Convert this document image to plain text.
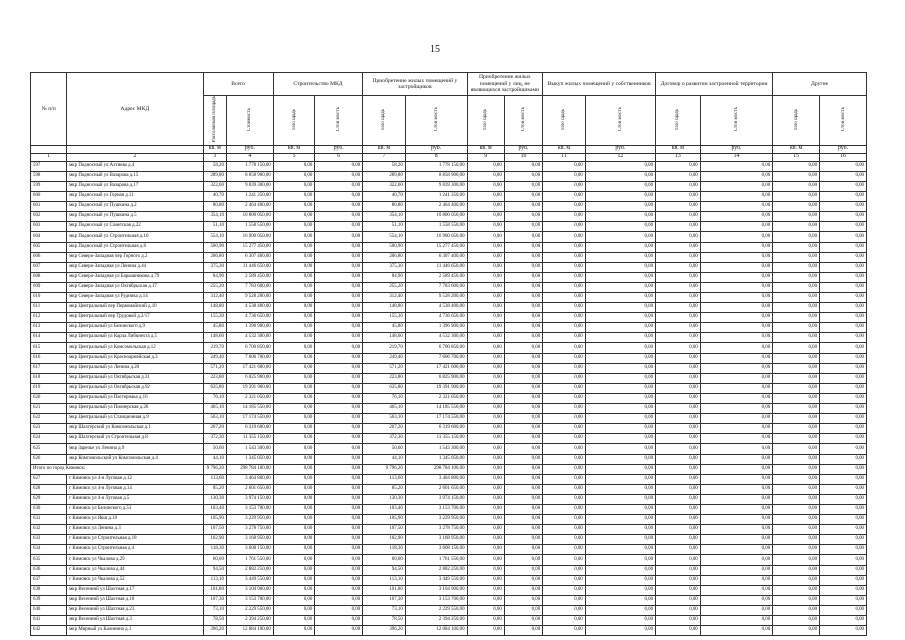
15
№ п/п	Адрес МКД	Всего		Строительство МКД		Приобретение жилых помещений у застройщиков		Приобретение жилых помещений у лиц, не являющихся застройщиками		Выкуп жилых помещений у собственников		Договор о развитии застроенной территории		Другие	
		Расселяемая площадь	Стоимость	Пло щадь	Стои мость	Пло щадь	Стои мость	Пло щадь	Стои мость	Пло щадь	Стои мость	Пло щадь	Стои мость	Пло щадь	Стои мость
		кв. м	руб.	кв. м	руб.	кв. м	руб.	кв. м	руб.	кв. м	руб.	кв. м	руб.	кв. м	руб.
1	2	3	4	5	6	7	8	9	10	11	12	13	14	15	16
597	мкр Подносный ул Ахтиева д.4	58,20	1 778 150,00	0,00	0,00	58,20	1 778 150,00	0,00	0,00	0,00	0,00	0,00	0,00	0,00	0,00
598	мкр Подносный ул Вазарова д.15	289,80	8 858 900,00	0,00	0,00	289,80	8 858 900,00	0,00	0,00	0,00	0,00	0,00	0,00	0,00	0,00
599	мкр Подносный ул Вазарова д.17	322,60	9 839 300,00	0,00	0,00	322,60	9 839 300,00	0,00	0,00	0,00	0,00	0,00	0,00	0,00	0,00
600	мкр Подносный ул Горная д.11	40,70	1 241 350,00	0,00	0,00	40,70	1 241 350,00	0,00	0,00	0,00	0,00	0,00	0,00	0,00	0,00
601	мкр Подносный ул Пушкина д.2	80,80	2 464 400,00	0,00	0,00	80,80	2 464 400,00	0,00	0,00	0,00	0,00	0,00	0,00	0,00	0,00
602	мкр Подносный ул Пушкина д.5	354,10	10 800 050,00	0,00	0,00	354,10	10 800 050,00	0,00	0,00	0,00	0,00	0,00	0,00	0,00	0,00
603	мкр Подносный ул Советская д.22	51,10	1 558 550,00	0,00	0,00	51,10	1 558 550,00	0,00	0,00	0,00	0,00	0,00	0,00	0,00	0,00
604	мкр Подносный ул Строительная д.10	554,10	16 900 050,00	0,00	0,00	554,10	16 900 050,00	0,00	0,00	0,00	0,00	0,00	0,00	0,00	0,00
605	мкр Подносный ул Строительная д.8	500,90	15 277 450,00	0,00	0,00	500,90	15 277 450,00	0,00	0,00	0,00	0,00	0,00	0,00	0,00	0,00
606	мкр Северо-Западная пер Горного д.2	206,80	6 307 400,00	0,00	0,00	206,80	6 307 400,00	0,00	0,00	0,00	0,00	0,00	0,00	0,00	0,00
607	мкр Северо-Западная ул Ленина д.44	375,30	11 446 650,00	0,00	0,00	375,30	11 446 650,00	0,00	0,00	0,00	0,00	0,00	0,00	0,00	0,00
608	мкр Северо-Западная ул Барышникова д.79	84,90	2 589 450,00	0,00	0,00	84,90	2 589 450,00	0,00	0,00	0,00	0,00	0,00	0,00	0,00	0,00
609	мкр Северо-Западная ул Октябрьская д.17	255,20	7 783 600,00	0,00	0,00	255,20	7 783 600,00	0,00	0,00	0,00	0,00	0,00	0,00	0,00	0,00
610	мкр Северо-Западная ул Рудника д.14	312,40	9 528 200,00	0,00	0,00	312,40	9 528 200,00	0,00	0,00	0,00	0,00	0,00	0,00	0,00	0,00
611	мкр Центральный пер Первомайский д.10	148,80	4 538 400,00	0,00	0,00	148,80	4 538 400,00	0,00	0,00	0,00	0,00	0,00	0,00	0,00	0,00
612	мкр Центральный пер Трудовой д.2/17	155,30	4 736 650,00	0,00	0,00	155,30	4 736 650,00	0,00	0,00	0,00	0,00	0,00	0,00	0,00	0,00
613	мкр Центральный ул Белинского д.9	45,80	1 396 900,00	0,00	0,00	45,80	1 396 900,00	0,00	0,00	0,00	0,00	0,00	0,00	0,00	0,00
614	мкр Центральный ул Карла Либкнехта д.5	148,60	4 532 300,00	0,00	0,00	148,60	4 532 300,00	0,00	0,00	0,00	0,00	0,00	0,00	0,00	0,00
615	мкр Центральный ул Комсомольская д.12	219,70	6 700 850,00	0,00	0,00	219,70	6 700 850,00	0,00	0,00	0,00	0,00	0,00	0,00	0,00	0,00
616	мкр Центральный ул Красноармейская д.3	249,40	7 606 700,00	0,00	0,00	249,40	7 606 700,00	0,00	0,00	0,00	0,00	0,00	0,00	0,00	0,00
617	мкр Центральный ул Ленина д.20	571,20	17 421 600,00	0,00	0,00	571,20	17 421 600,00	0,00	0,00	0,00	0,00	0,00	0,00	0,00	0,00
618	мкр Центральный ул Октябрьская д.31	223,80	6 825 900,00	0,00	0,00	223,80	6 825 900,00	0,00	0,00	0,00	0,00	0,00	0,00	0,00	0,00
619	мкр Центральный ул Октябрьская д.92	635,80	19 391 900,00	0,00	0,00	635,80	19 391 900,00	0,00	0,00	0,00	0,00	0,00	0,00	0,00	0,00
620	мкр Центральный ул Пастернака д.16	76,10	2 321 050,00	0,00	0,00	76,10	2 321 050,00	0,00	0,00	0,00	0,00	0,00	0,00	0,00	0,00
621	мкр Центральный ул Пионерская д.26	465,10	14 185 550,00	0,00	0,00	465,10	14 185 550,00	0,00	0,00	0,00	0,00	0,00	0,00	0,00	0,00
622	мкр Центральный ул Станционная д.9	563,10	17 174 550,00	0,00	0,00	563,10	17 174 550,00	0,00	0,00	0,00	0,00	0,00	0,00	0,00	0,00
623	мкр Шахтерский ул Комсомольская д.1	207,20	6 319 600,00	0,00	0,00	207,20	6 319 600,00	0,00	0,00	0,00	0,00	0,00	0,00	0,00	0,00
624	мкр Шахтерский ул Строительная д.8	372,30	11 355 150,00	0,00	0,00	372,30	11 355 150,00	0,00	0,00	0,00	0,00	0,00	0,00	0,00	0,00
625	мкр Заречье ул Ленина д.9	50,60	1 543 300,00	0,00	0,00	50,60	1 543 300,00	0,00	0,00	0,00	0,00	0,00	0,00	0,00	0,00
626	мкр Комсомольский ул Комсомольская д.4	44,10	1 345 050,00	0,00	0,00	44,10	1 345 050,00	0,00	0,00	0,00	0,00	0,00	0,00	0,00	0,00
Итого по город Кимовск:		9 796,20	298 784 100,00	0,00	0,00	9 796,20	298 784 100,00	0,00	0,00	0,00	0,00	0,00	0,00	0,00	0,00
627	г Кимовск ул 4-я Луговая д.12	113,60	3 464 800,00	0,00	0,00	113,60	3 464 800,00	0,00	0,00	0,00	0,00	0,00	0,00	0,00	0,00
628	г Кимовск ул 4-я Луговая д.14	85,20	2 601 650,00	0,00	0,00	85,20	2 601 650,00	0,00	0,00	0,00	0,00	0,00	0,00	0,00	0,00
629	г Кимовск ул 4-я Луговая д.5	130,30	3 974 150,00	0,00	0,00	130,30	3 974 150,00	0,00	0,00	0,00	0,00	0,00	0,00	0,00	0,00
630	г Кимовск ул Белинского д.51	103,40	3 153 700,00	0,00	0,00	103,40	3 153 700,00	0,00	0,00	0,00	0,00	0,00	0,00	0,00	0,00
631	г Кимовск ул Якш д.10	105,90	3 229 950,00	0,00	0,00	105,90	3 229 950,00	0,00	0,00	0,00	0,00	0,00	0,00	0,00	0,00
632	г Кимовск ул Ленина д.3	107,50	3 278 750,00	0,00	0,00	107,50	3 278 750,00	0,00	0,00	0,00	0,00	0,00	0,00	0,00	0,00
633	г Кимовск ул Строительная д.18	102,90	3 168 950,00	0,00	0,00	102,90	3 168 950,00	0,00	0,00	0,00	0,00	0,00	0,00	0,00	0,00
634	г Кимовск ул Строительная д.4	118,30	3 608 150,00	0,00	0,00	118,30	3 608 150,00	0,00	0,00	0,00	0,00	0,00	0,00	0,00	0,00
635	г Кимовск ул Чкалова д.29	60,60	1 761 550,00	0,00	0,00	60,60	1 761 550,00	0,00	0,00	0,00	0,00	0,00	0,00	0,00	0,00
636	г Кимовск ул Чкалова д.44	94,50	2 882 250,00	0,00	0,00	94,50	2 882 250,00	0,00	0,00	0,00	0,00	0,00	0,00	0,00	0,00
637	г Кимовск ул Чкалова д.52	113,10	3 449 550,00	0,00	0,00	113,10	3 449 550,00	0,00	0,00	0,00	0,00	0,00	0,00	0,00	0,00
638	мкр Весенний ул Шахтная д.17	101,80	3 104 900,00	0,00	0,00	101,80	3 104 900,00	0,00	0,00	0,00	0,00	0,00	0,00	0,00	0,00
639	мкр Весенний ул Шахтная д.18	107,30	3 153 700,00	0,00	0,00	107,30	3 153 700,00	0,00	0,00	0,00	0,00	0,00	0,00	0,00	0,00
640	мкр Весенний ул Шахтная д.23	73,10	2 229 550,00	0,00	0,00	73,10	2 229 550,00	0,00	0,00	0,00	0,00	0,00	0,00	0,00	0,00
641	мкр Весенний ул Шахтная д.3	78,50	2 394 250,00	0,00	0,00	78,50	2 394 250,00	0,00	0,00	0,00	0,00	0,00	0,00	0,00	0,00
642	мкр Мирный ул Калинина д.1	396,20	12 084 100,00	0,00	0,00	396,20	12 084 100,00	0,00	0,00	0,00	0,00	0,00	0,00	0,00	0,00
